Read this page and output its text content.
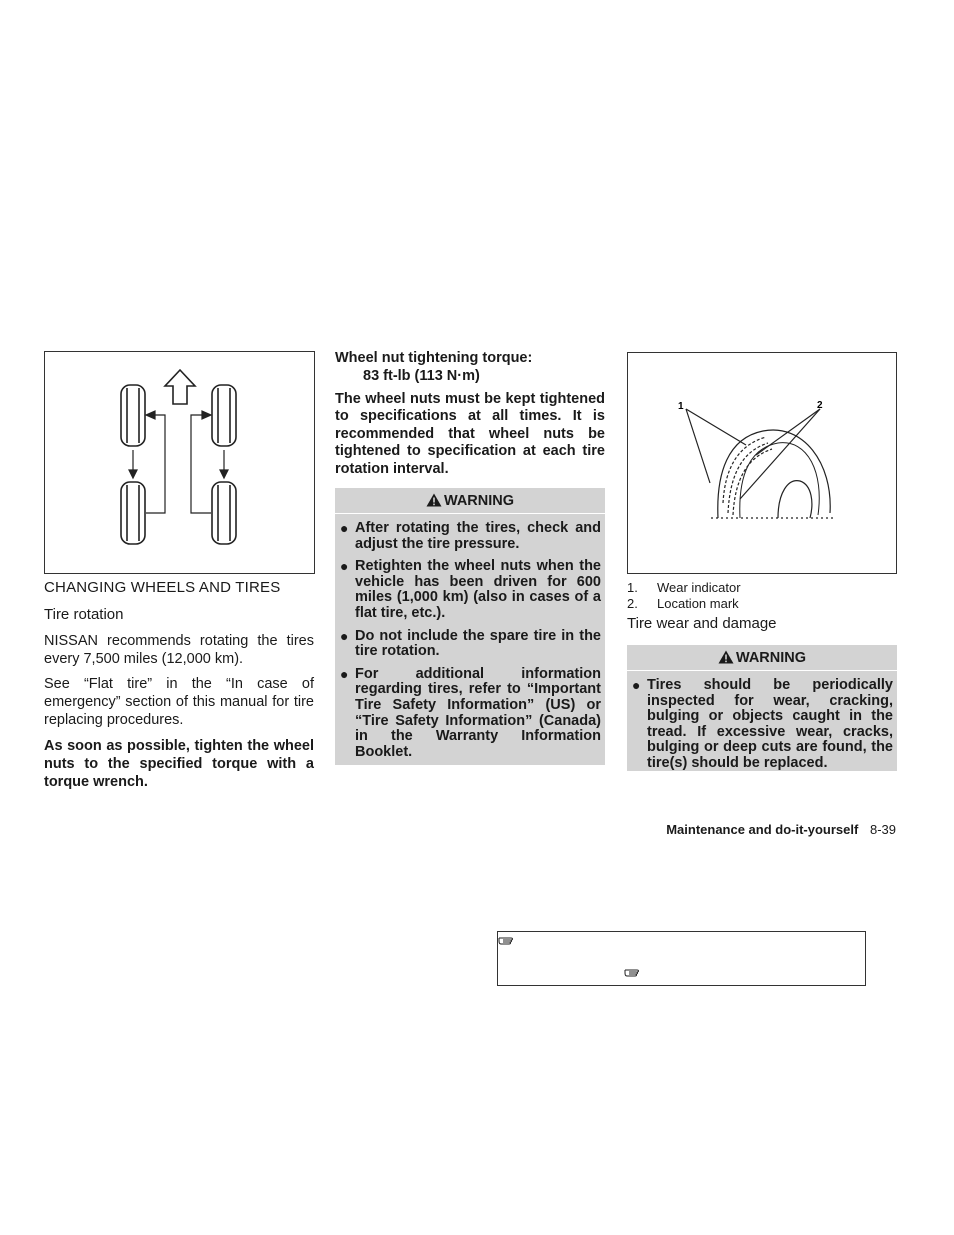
CHANGING WHEELS AND TIRES
Tire rotation

NISSAN recommends rotating the tires every 7,500 miles (12,000 km).

See “Flat tire” in the “In case of emergency” section of this manual for tire replacing procedures.

As soon as possible, tighten the wheel nuts to the specified torque with a torque wrench.

Wheel nut tightening torque:
83 ft-lb (113 N·m)

The wheel nuts must be kept tightened to specifications at all times. It is recommended that wheel nuts be tightened to specification at each tire rotation interval.

WARNING
● After rotating the tires, check and adjust the tire pressure.
● Retighten the wheel nuts when the vehicle has been driven for 600 miles (1,000 km) (also in cases of a flat tire, etc.).
● Do not include the spare tire in the tire rotation.
● For additional information regarding tires, refer to “Important Tire Safety Information” (US) or “Tire Safety Information” (Canada) in the Warranty Information Booklet.
1	2
1. Wear indicator
2. Location mark
Tire wear and damage
WARNING
● Tires should be periodically inspected for wear, cracking, bulging or objects caught in the tread. If excessive wear, cracks, bulging or deep cuts are found, the tire(s) should be replaced.
Maintenance and do-it-yourself 8-39
